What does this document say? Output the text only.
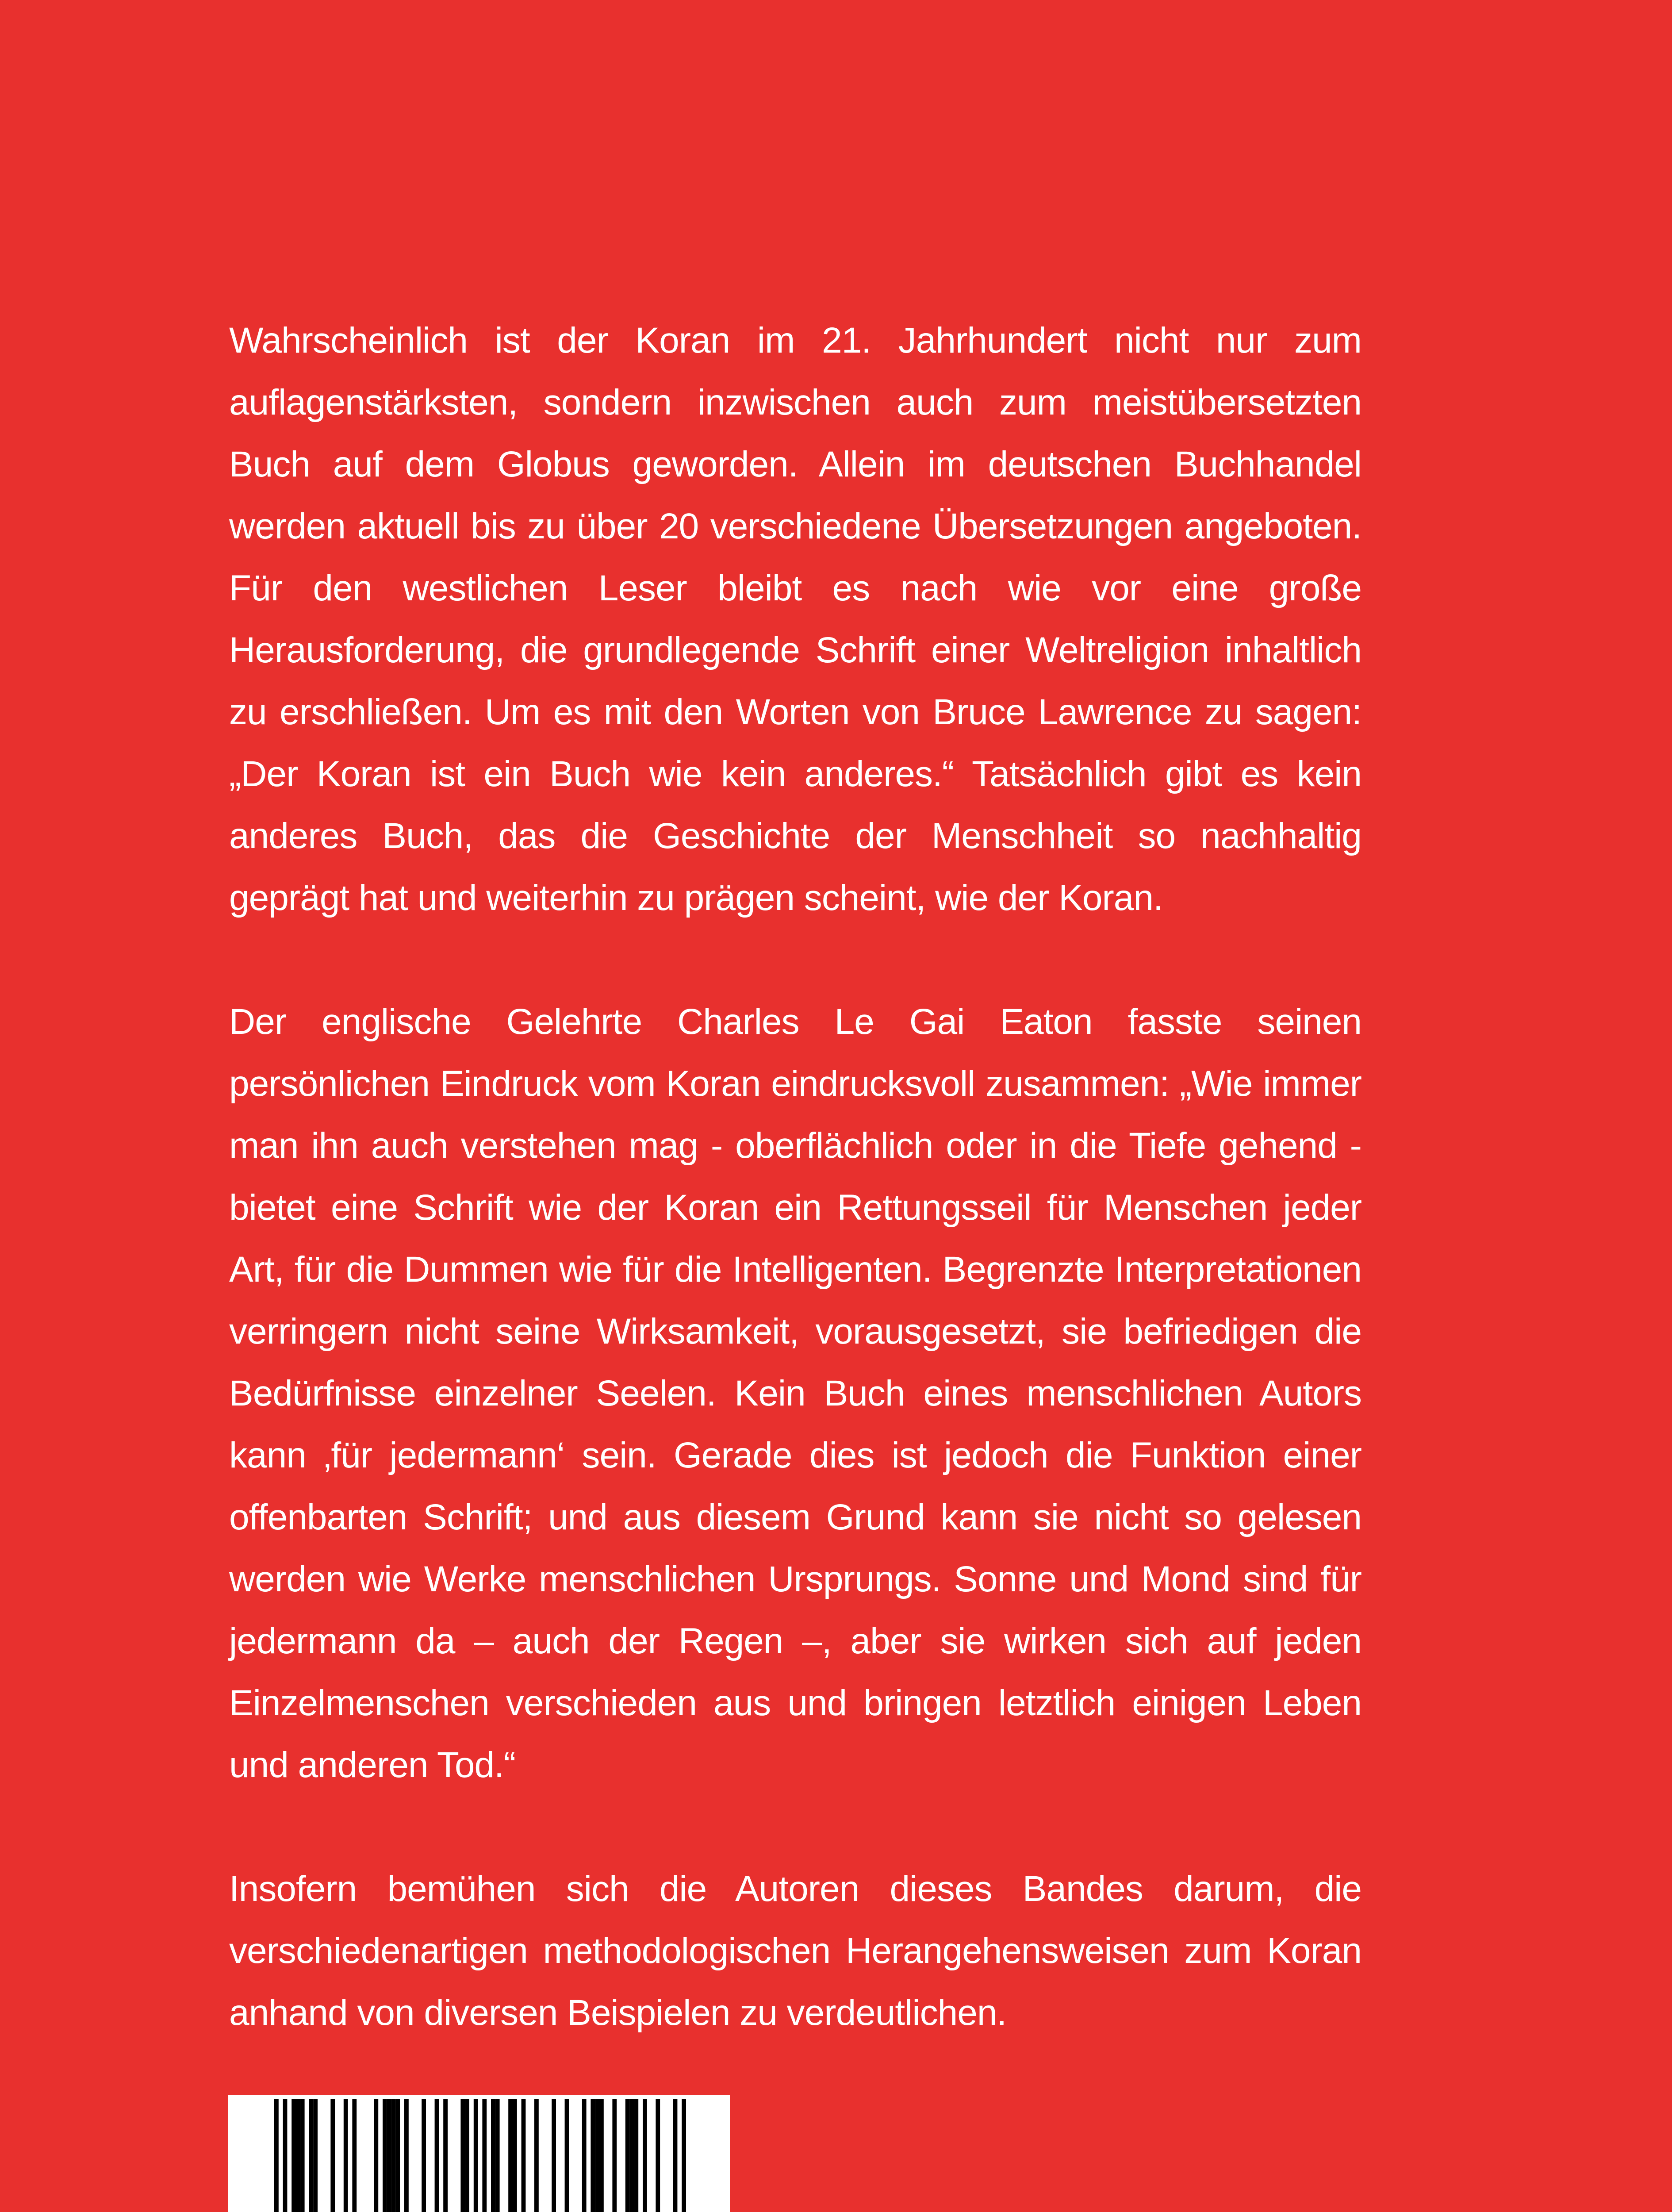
Wahrscheinlich ist der Koran im 21. Jahrhundert nicht nur zum auflagenstärksten, sondern inzwischen auch zum meistübersetzten Buch auf dem Globus geworden. Allein im deutschen Buchhandel werden aktuell bis zu über 20 verschiedene Übersetzungen angeboten. Für den westlichen Leser bleibt es nach wie vor eine große Herausforderung, die grundlegende Schrift einer Weltreligion inhaltlich zu erschließen. Um es mit den Worten von Bruce Lawrence zu sagen: „Der Koran ist ein Buch wie kein anderes.“ Tatsächlich gibt es kein anderes Buch, das die Geschichte der Menschheit so nachhaltig geprägt hat und weiterhin zu prägen scheint, wie der Koran.

Der englische Gelehrte Charles Le Gai Eaton fasste seinen persönlichen Eindruck vom Koran eindrucksvoll zusammen: „Wie immer man ihn auch verstehen mag - oberflächlich oder in die Tiefe gehend - bietet eine Schrift wie der Koran ein Rettungsseil für Menschen jeder Art, für die Dummen wie für die Intelligenten. Begrenzte Interpretationen verringern nicht seine Wirksamkeit, vorausgesetzt, sie befriedigen die Bedürfnisse einzelner Seelen. Kein Buch eines menschlichen Autors kann ‚für jedermann‘ sein. Gerade dies ist jedoch die Funktion einer offenbarten Schrift; und aus diesem Grund kann sie nicht so gelesen werden wie Werke menschlichen Ursprungs. Sonne und Mond sind für jedermann da – auch der Regen –, aber sie wirken sich auf jeden Einzelmenschen verschieden aus und bringen letztlich einigen Leben und anderen Tod.“

Insofern bemühen sich die Autoren dieses Bandes darum, die verschiedenartigen methodologischen Herangehensweisen zum Koran anhand von diversen Beispielen zu verdeutlichen.
